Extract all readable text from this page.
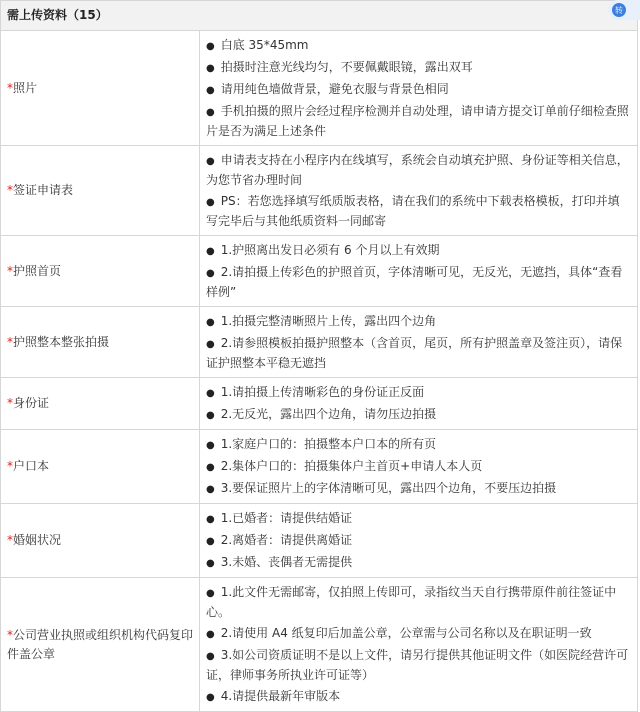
需上传资料（15）
*照片
● 白底 35*45mm
● 拍摄时注意光线均匀，不要佩戴眼镜，露出双耳
● 请用纯色墙做背景，避免衣服与背景色相同
● 手机拍摄的照片会经过程序检测并自动处理，请申请方提交订单前仔细检查照片是否为满足上述条件
*签证申请表
● 申请表支持在小程序内在线填写，系统会自动填充护照、身份证等相关信息，为您节省办理时间
● PS：若您选择填写纸质版表格，请在我们的系统中下载表格模板，打印并填写完毕后与其他纸质资料一同邮寄
*护照首页
● 1.护照离出发日必须有 6 个月以上有效期
● 2.请拍摄上传彩色的护照首页，字体清晰可见，无反光，无遮挡，具体“查看样例”
*护照整本整张拍摄
● 1.拍摄完整清晰照片上传，露出四个边角
● 2.请参照模板拍摄护照整本（含首页，尾页，所有护照盖章及签注页），请保证护照整本平稳无遮挡
*身份证
● 1.请拍摄上传清晰彩色的身份证正反面
● 2.无反光，露出四个边角，请勿压边拍摄
*户口本
● 1.家庭户口的：拍摄整本户口本的所有页
● 2.集体户口的：拍摄集体户主首页+申请人本人页
● 3.要保证照片上的字体清晰可见，露出四个边角，不要压边拍摄
*婚姻状况
● 1.已婚者：请提供结婚证
● 2.离婚者：请提供离婚证
● 3.未婚、丧偶者无需提供
*公司营业执照或组织机构代码复印件盖公章
● 1.此文件无需邮寄，仅拍照上传即可，录指纹当天自行携带原件前往签证中心。
● 2.请使用 A4 纸复印后加盖公章，公章需与公司名称以及在职证明一致
● 3.如公司资质证明不是以上文件，请另行提供其他证明文件（如医院经营许可证，律师事务所执业许可证等）
● 4.请提供最新年审版本
转
